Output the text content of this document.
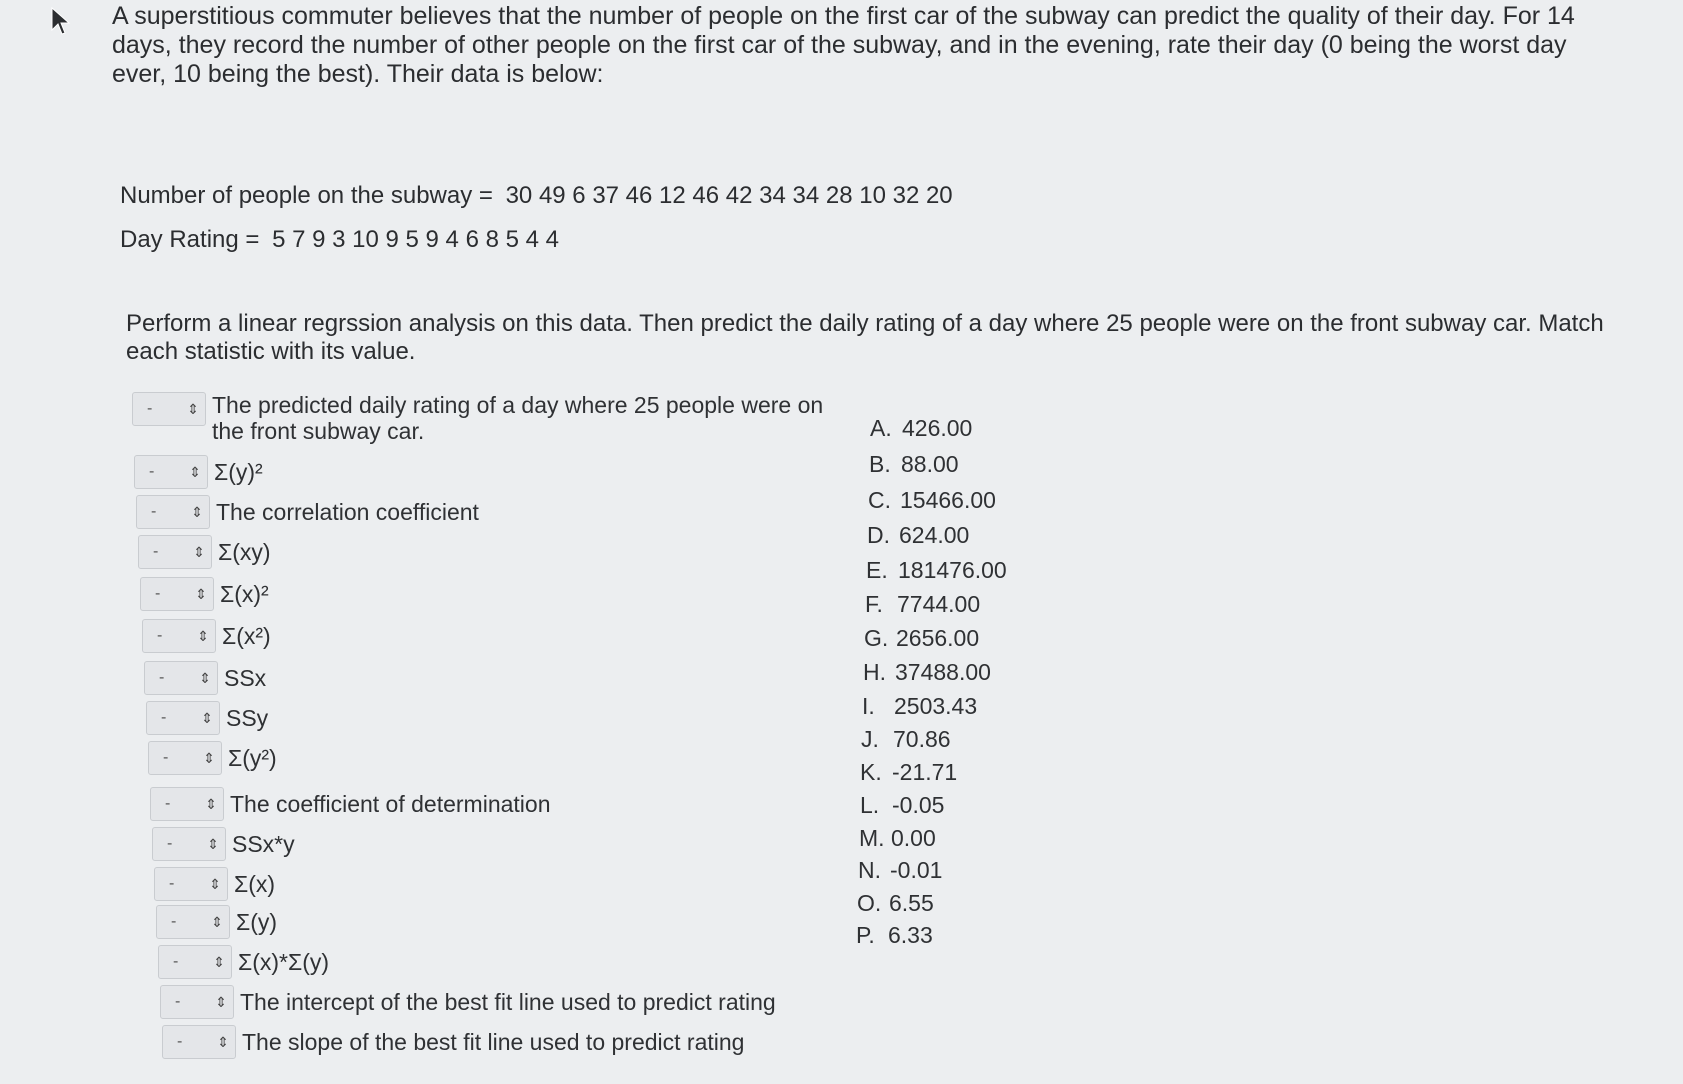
A superstitious commuter believes that the number of people on the first car of the subway can predict the quality of their day. For 14 days, they record the number of other people on the first car of the subway, and in the evening, rate their day (0 being the worst day ever, 10 being the best). Their data is below:

Number of people on the subway = 30 49 6 37 46 12 46 42 34 34 28 10 32 20

Day Rating = 5 7 9 3 10 9 5 9 4 6 8 5 4 4

Perform a linear regrssion analysis on this data. Then predict the daily rating of a day where 25 people were on the front subway car. Match each statistic with its value.

- ⇕ The predicted daily rating of a day where 25 people were on the front subway car.
- ⇕ Σ(y)²
- ⇕ The correlation coefficient
- ⇕ Σ(xy)
- ⇕ Σ(x)²
- ⇕ Σ(x²)
- ⇕ SSx
- ⇕ SSy
- ⇕ Σ(y²)
- ⇕ The coefficient of determination
- ⇕ SSx*y
- ⇕ Σ(x)
- ⇕ Σ(y)
- ⇕ Σ(x)*Σ(y)
- ⇕ The intercept of the best fit line used to predict rating
- ⇕ The slope of the best fit line used to predict rating
A. 426.00
B. 88.00
C. 15466.00
D. 624.00
E. 181476.00
F. 7744.00
G. 2656.00
H. 37488.00
I. 2503.43
J. 70.86
K. -21.71
L. -0.05
M. 0.00
N. -0.01
O. 6.55
P. 6.33
